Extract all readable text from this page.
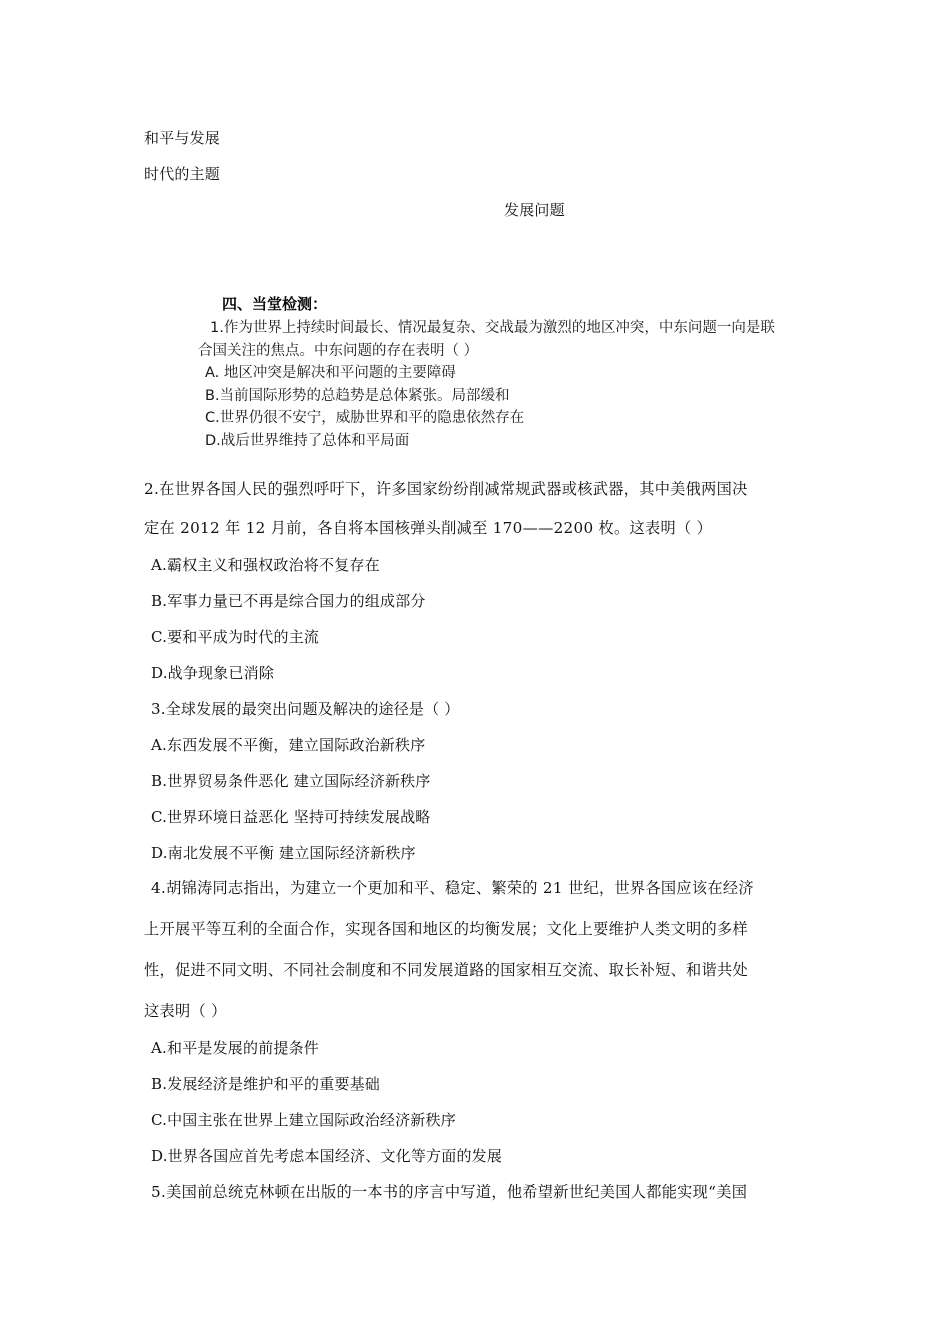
和平与发展
时代的主题
发展问题
四、当堂检测：
1.作为世界上持续时间最长、情况最复杂、交战最为激烈的地区冲突，中东问题一向是联
合国关注的焦点。中东问题的存在表明（ ）
A. 地区冲突是解决和平问题的主要障碍
B.当前国际形势的总趋势是总体紧张。局部缓和
C.世界仍很不安宁，威胁世界和平的隐患依然存在
D.战后世界维持了总体和平局面
2.在世界各国人民的强烈呼吁下，许多国家纷纷削减常规武器或核武器，其中美俄两国决
定在 2012 年 12 月前，各自将本国核弹头削减至 170——2200 枚。这表明（ ）
A.霸权主义和强权政治将不复存在
B.军事力量已不再是综合国力的组成部分
C.要和平成为时代的主流
D.战争现象已消除
3.全球发展的最突出问题及解决的途径是（ ）
A.东西发展不平衡，建立国际政治新秩序
B.世界贸易条件恶化 建立国际经济新秩序
C.世界环境日益恶化 坚持可持续发展战略
D.南北发展不平衡 建立国际经济新秩序
4.胡锦涛同志指出，为建立一个更加和平、稳定、繁荣的 21 世纪，世界各国应该在经济
上开展平等互利的全面合作，实现各国和地区的均衡发展；文化上要维护人类文明的多样
性，促进不同文明、不同社会制度和不同发展道路的国家相互交流、取长补短、和谐共处
这表明（ ）
A.和平是发展的前提条件
B.发展经济是维护和平的重要基础
C.中国主张在世界上建立国际政治经济新秩序
D.世界各国应首先考虑本国经济、文化等方面的发展
5.美国前总统克林顿在出版的一本书的序言中写道，他希望新世纪美国人都能实现“美国
